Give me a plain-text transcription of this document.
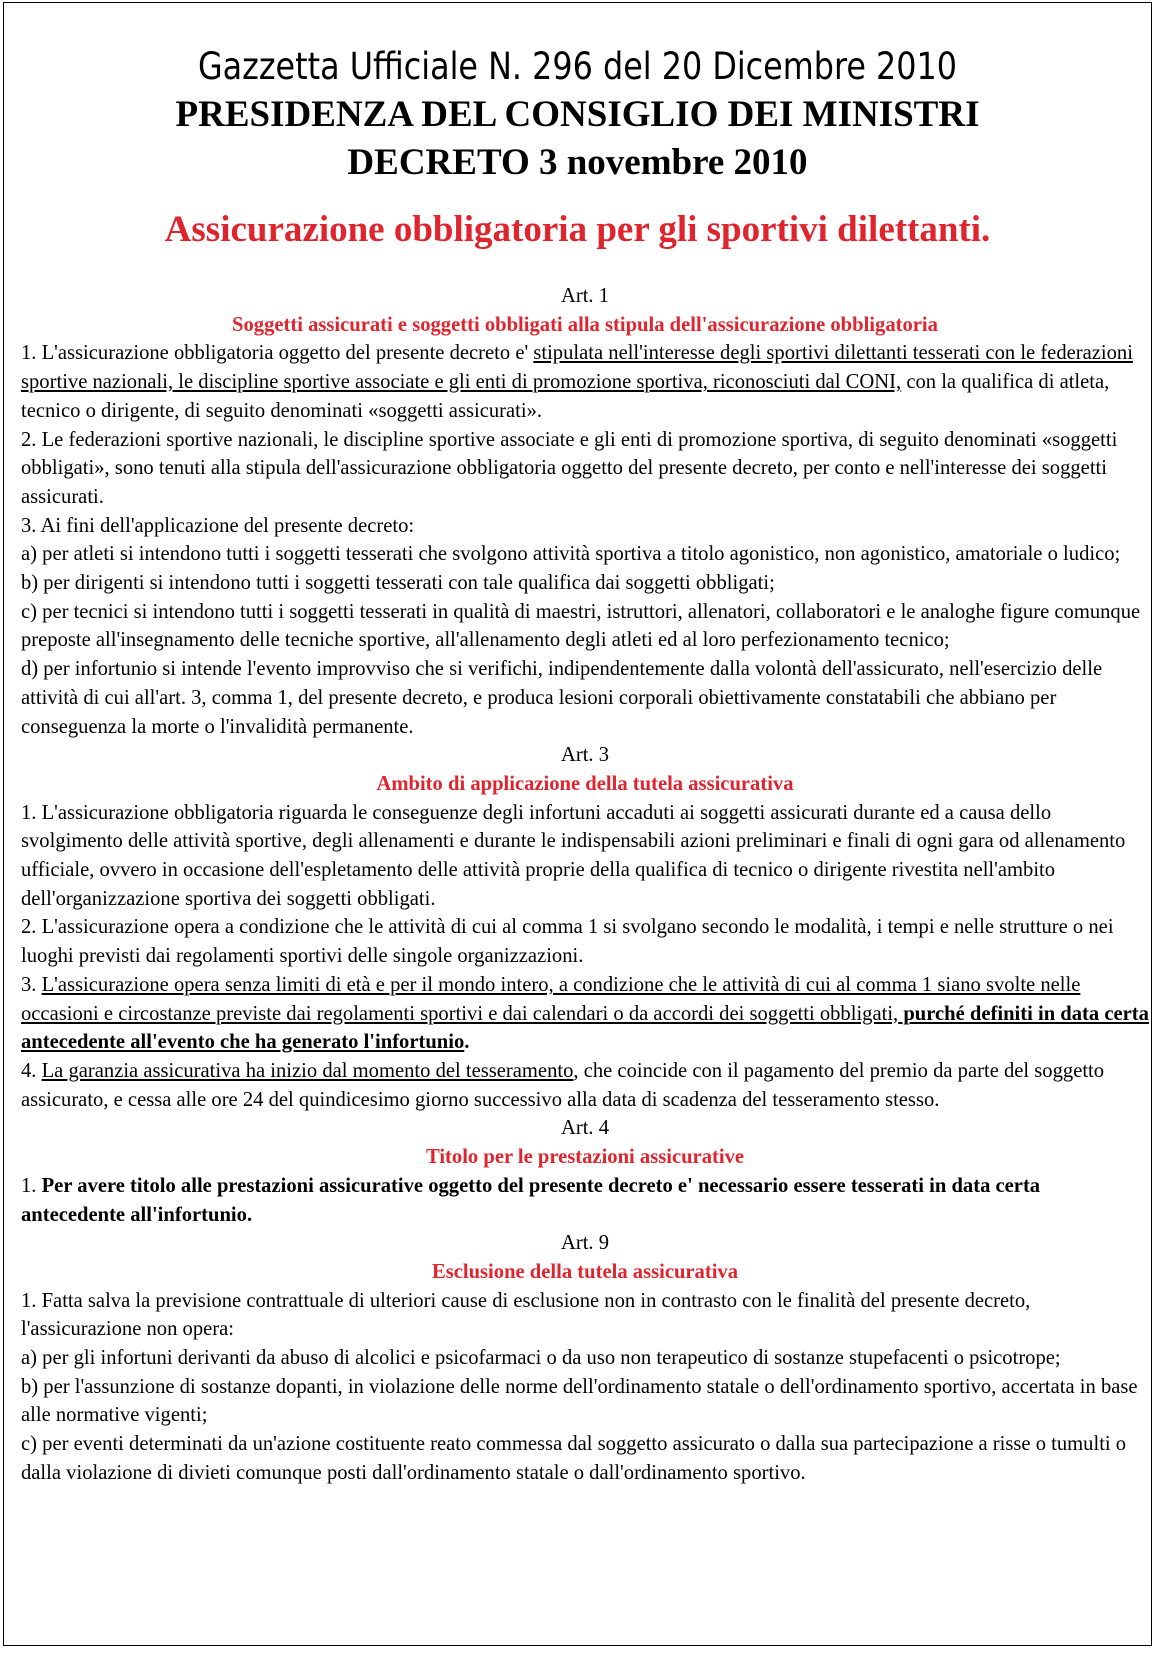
Gazzetta Ufficiale N. 296 del 20 Dicembre 2010
PRESIDENZA DEL CONSIGLIO DEI MINISTRI
DECRETO 3 novembre 2010
Assicurazione obbligatoria per gli sportivi dilettanti.

Art. 1

Soggetti assicurati e soggetti obbligati alla stipula dell'assicurazione obbligatoria

1. L'assicurazione obbligatoria oggetto del presente decreto e' stipulata nell'interesse degli sportivi dilettanti tesserati con le federazioni sportive nazionali, le discipline sportive associate e gli enti di promozione sportiva, riconosciuti dal CONI, con la qualifica di atleta, tecnico o dirigente, di seguito denominati «soggetti assicurati».

2. Le federazioni sportive nazionali, le discipline sportive associate e gli enti di promozione sportiva, di seguito denominati «soggetti obbligati», sono tenuti alla stipula dell'assicurazione obbligatoria oggetto del presente decreto, per conto e nell'interesse dei soggetti assicurati.

3. Ai fini dell'applicazione del presente decreto:

a) per atleti si intendono tutti i soggetti tesserati che svolgono attività sportiva a titolo agonistico, non agonistico, amatoriale o ludico;

b) per dirigenti si intendono tutti i soggetti tesserati con tale qualifica dai soggetti obbligati;

c) per tecnici si intendono tutti i soggetti tesserati in qualità di maestri, istruttori, allenatori, collaboratori e le analoghe figure comunque preposte all'insegnamento delle tecniche sportive, all'allenamento degli atleti ed al loro perfezionamento tecnico;

d) per infortunio si intende l'evento improvviso che si verifichi, indipendentemente dalla volontà dell'assicurato, nell'esercizio delle attività di cui all'art. 3, comma 1, del presente decreto, e produca lesioni corporali obiettivamente constatabili che abbiano per conseguenza la morte o l'invalidità permanente.

Art. 3

Ambito di applicazione della tutela assicurativa

1. L'assicurazione obbligatoria riguarda le conseguenze degli infortuni accaduti ai soggetti assicurati durante ed a causa dello svolgimento delle attività sportive, degli allenamenti e durante le indispensabili azioni preliminari e finali di ogni gara od allenamento ufficiale, ovvero in occasione dell'espletamento delle attività proprie della qualifica di tecnico o dirigente rivestita nell'ambito dell'organizzazione sportiva dei soggetti obbligati.

2. L'assicurazione opera a condizione che le attività di cui al comma 1 si svolgano secondo le modalità, i tempi e nelle strutture o nei luoghi previsti dai regolamenti sportivi delle singole organizzazioni.

3. L'assicurazione opera senza limiti di età e per il mondo intero, a condizione che le attività di cui al comma 1 siano svolte nelle occasioni e circostanze previste dai regolamenti sportivi e dai calendari o da accordi dei soggetti obbligati, purché definiti in data certa antecedente all'evento che ha generato l'infortunio.

4. La garanzia assicurativa ha inizio dal momento del tesseramento, che coincide con il pagamento del premio da parte del soggetto assicurato, e cessa alle ore 24 del quindicesimo giorno successivo alla data di scadenza del tesseramento stesso.

Art. 4

Titolo per le prestazioni assicurative

1. Per avere titolo alle prestazioni assicurative oggetto del presente decreto e' necessario essere tesserati in data certa antecedente all'infortunio.

Art. 9

Esclusione della tutela assicurativa

1. Fatta salva la previsione contrattuale di ulteriori cause di esclusione non in contrasto con le finalità del presente decreto, l'assicurazione non opera:

a) per gli infortuni derivanti da abuso di alcolici e psicofarmaci o da uso non terapeutico di sostanze stupefacenti o psicotrope;

b) per l'assunzione di sostanze dopanti, in violazione delle norme dell'ordinamento statale o dell'ordinamento sportivo, accertata in base alle normative vigenti;

c) per eventi determinati da un'azione costituente reato commessa dal soggetto assicurato o dalla sua partecipazione a risse o tumulti o dalla violazione di divieti comunque posti dall'ordinamento statale o dall'ordinamento sportivo.
